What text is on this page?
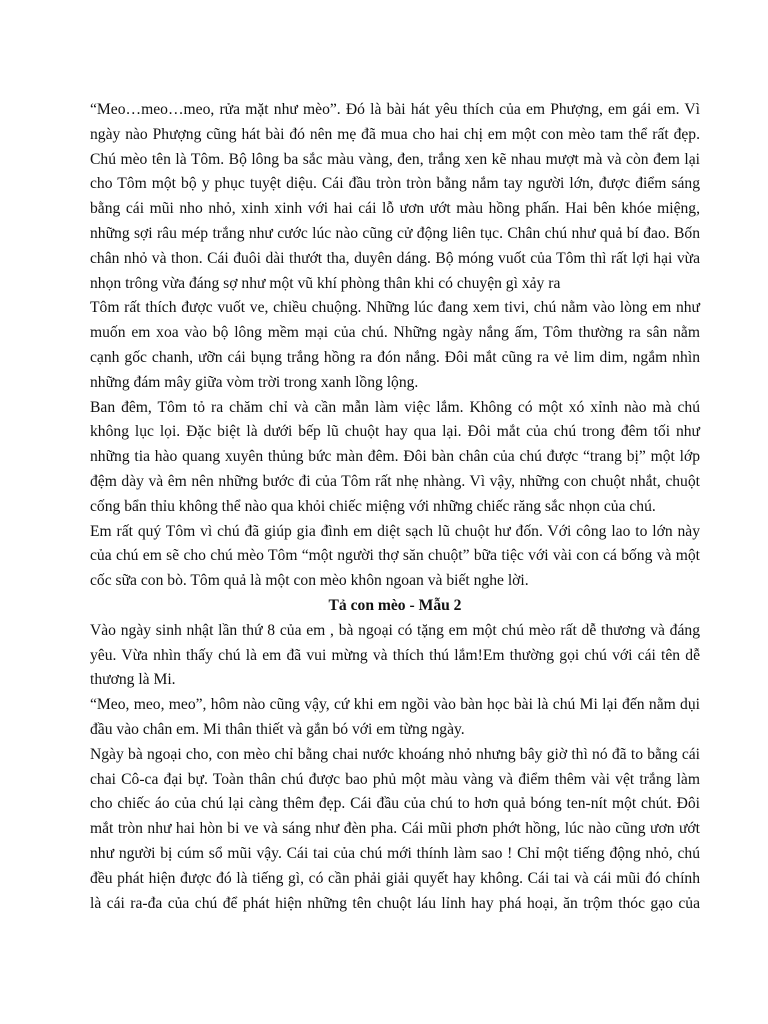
“Meo…meo…meo, rửa mặt như mèo”. Đó là bài hát yêu thích của em Phượng, em gái em. Vì
ngày nào Phượng cũng hát bài đó nên mẹ đã mua cho hai chị em một con mèo tam thể rất đẹp.
Chú mèo tên là Tôm. Bộ lông ba sắc màu vàng, đen, trắng xen kẽ nhau mượt mà và còn đem lại
cho Tôm một bộ y phục tuyệt diệu. Cái đầu tròn tròn bằng nắm tay người lớn, được điểm sáng
bằng cái mũi nho nhỏ, xinh xinh với hai cái lỗ ươn ướt màu hồng phấn. Hai bên khóe miệng,
những sợi râu mép trắng như cước lúc nào cũng cử động liên tục. Chân chú như quả bí đao. Bốn
chân nhỏ và thon. Cái đuôi dài thướt tha, duyên dáng. Bộ móng vuốt của Tôm thì rất lợi hại vừa
nhọn trông vừa đáng sợ như một vũ khí phòng thân khi có chuyện gì xảy ra
Tôm rất thích được vuốt ve, chiều chuộng. Những lúc đang xem tivi, chú nằm vào lòng em như
muốn em xoa vào bộ lông mềm mại của chú. Những ngày nắng ấm, Tôm thường ra sân nằm
cạnh gốc chanh, ưỡn cái bụng trắng hồng ra đón nắng. Đôi mắt cũng ra vẻ lim dim, ngắm nhìn
những đám mây giữa vòm trời trong xanh lồng lộng.
Ban đêm, Tôm tỏ ra chăm chỉ và cần mẫn làm việc lắm. Không có một xó xỉnh nào mà chú
không lục lọi. Đặc biệt là dưới bếp lũ chuột hay qua lại. Đôi mắt của chú trong đêm tối như
những tia hào quang xuyên thủng bức màn đêm. Đôi bàn chân của chú được “trang bị” một lớp
đệm dày và êm nên những bước đi của Tôm rất nhẹ nhàng. Vì vậy, những con chuột nhắt, chuột
cống bẩn thỉu không thể nào qua khỏi chiếc miệng với những chiếc răng sắc nhọn của chú.
Em rất quý Tôm vì chú đã giúp gia đình em diệt sạch lũ chuột hư đốn. Với công lao to lớn này
của chú em sẽ cho chú mèo Tôm “một người thợ săn chuột” bữa tiệc với vài con cá bống và một
cốc sữa con bò. Tôm quả là một con mèo khôn ngoan và biết nghe lời.
Tả con mèo - Mẫu 2
Vào ngày sinh nhật lần thứ 8 của em , bà ngoại có tặng em một chú mèo rất dễ thương và đáng
yêu. Vừa nhìn thấy chú là em đã vui mừng và thích thú lắm!Em thường gọi chú với cái tên dễ
thương là Mi.
“Meo, meo, meo”, hôm nào cũng vậy, cứ khi em ngồi vào bàn học bài là chú Mi lại đến nằm dụi
đầu vào chân em. Mi thân thiết và gắn bó với em từng ngày.
Ngày bà ngoại cho, con mèo chỉ bằng chai nước khoáng nhỏ nhưng bây giờ thì nó đã to bằng cái
chai Cô-ca đại bự. Toàn thân chú được bao phủ một màu vàng và điểm thêm vài vệt trắng làm
cho chiếc áo của chú lại càng thêm đẹp. Cái đầu của chú to hơn quả bóng ten-nít một chút. Đôi
mắt tròn như hai hòn bi ve và sáng như đèn pha. Cái mũi phơn phớt hồng, lúc nào cũng ươn ướt
như người bị cúm sổ mũi vậy. Cái tai của chú mới thính làm sao ! Chỉ một tiếng động nhỏ, chú
đều phát hiện được đó là tiếng gì, có cần phải giải quyết hay không. Cái tai và cái mũi đó chính
là cái ra-đa của chú để phát hiện những tên chuột láu lỉnh hay phá hoại, ăn trộm thóc gạo của
